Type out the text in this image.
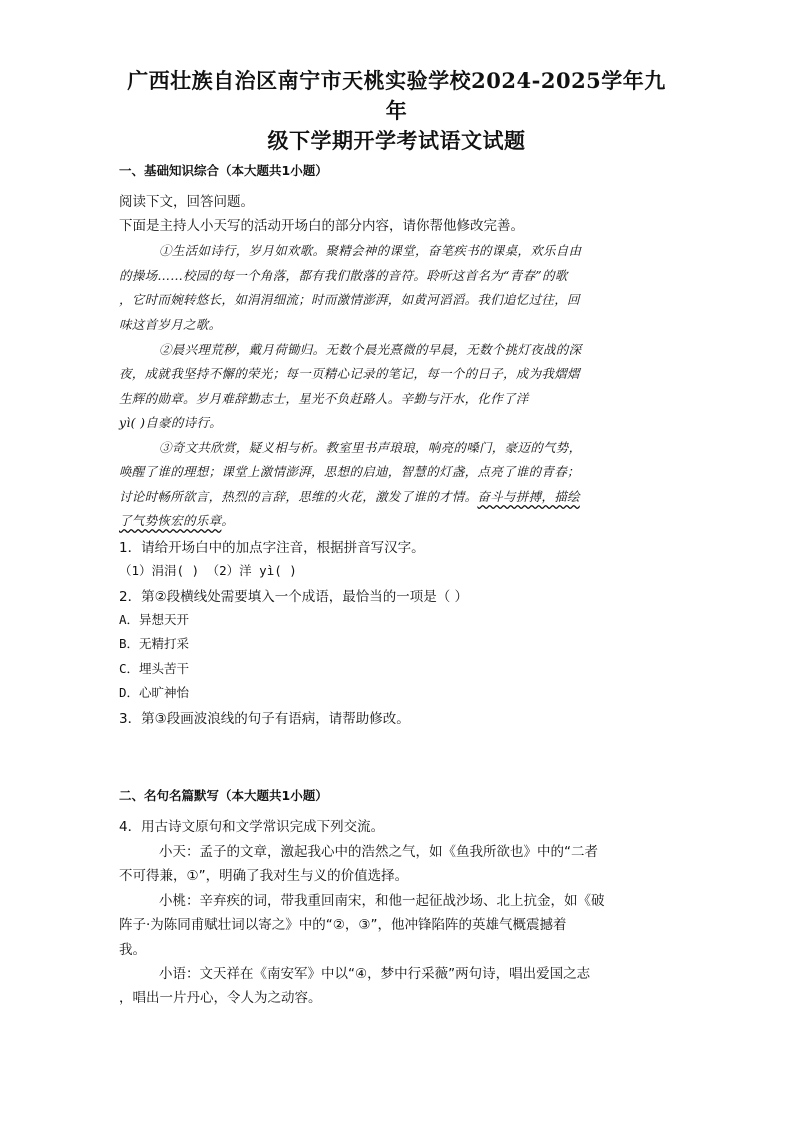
广西壮族自治区南宁市天桃实验学校2024-2025学年九年
级下学期开学考试语文试题
一、基础知识综合（本大题共1小题）
阅读下文，回答问题。
下面是主持人小天写的活动开场白的部分内容，请你帮他修改完善。
①生活如诗行，岁月如欢歌。聚精会神的课堂，奋笔疾书的课桌，欢乐自由
的操场……校园的每一个角落，都有我们散落的音符。聆听这首名为“青春”的歌
，它时而婉转悠长，如涓涓细流；时而激情澎湃，如黄河滔滔。我们追忆过往，回
味这首岁月之歌。
②晨兴理荒秽，戴月荷锄归。无数个晨光熹微的早晨，无数个挑灯夜战的深
夜，成就我坚持不懈的荣光；每一页精心记录的笔记，每一个的日子，成为我熠熠
生辉的勋章。岁月难辞勤志士，星光不负赶路人。辛勤与汗水，化作了洋
yì( )自豪的诗行。
③奇文共欣赏，疑义相与析。教室里书声琅琅，响亮的嗓门，豪迈的气势，
唤醒了谁的理想；课堂上激情澎湃，思想的启迪，智慧的灯盏，点亮了谁的青春；
讨论时畅所欲言，热烈的言辞，思维的火花，激发了谁的才情。奋斗与拼搏，描绘
了气势恢宏的乐章。
1．请给开场白中的加点字注音，根据拼音写汉字。
（1）涓涓( ) （2）洋 yì( )
2．第②段横线处需要填入一个成语，最恰当的一项是（ ）
A．异想天开
B．无精打采
C．埋头苦干
D．心旷神怡
3．第③段画波浪线的句子有语病，请帮助修改。
二、名句名篇默写（本大题共1小题）
4．用古诗文原句和文学常识完成下列交流。
小天：孟子的文章，激起我心中的浩然之气，如《鱼我所欲也》中的“二者
不可得兼，①”，明确了我对生与义的价值选择。
小桃：辛弃疾的词，带我重回南宋，和他一起征战沙场、北上抗金，如《破
阵子·为陈同甫赋壮词以寄之》中的“②，③”，他冲锋陷阵的英雄气概震撼着
我。
小语：文天祥在《南安军》中以“④，梦中行采薇”两句诗，唱出爱国之志
，唱出一片丹心，令人为之动容。
